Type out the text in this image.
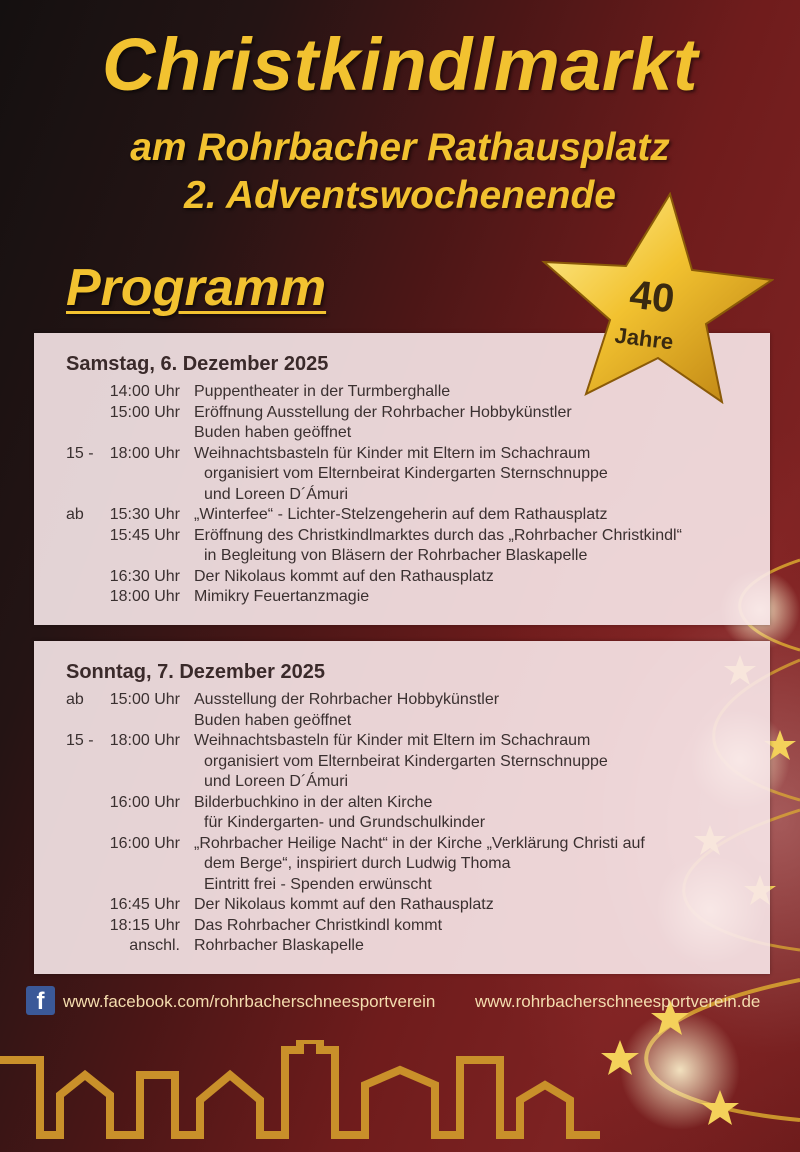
Christkindlmarkt
am Rohrbacher Rathausplatz
2. Adventswochenende
Programm
Samstag, 6. Dezember 2025
14:00 Uhr Puppentheater in der Turmberghalle
15:00 Uhr Eröffnung Ausstellung der Rohrbacher Hobbykünstler
Buden haben geöffnet
15 - 18:00 Uhr Weihnachtsbasteln für Kinder mit Eltern im Schachraum
organisiert vom Elternbeirat Kindergarten Sternschnuppe
und Loreen D´Ámuri
ab 15:30 Uhr „Winterfee“ - Lichter-Stelzengeherin auf dem Rathausplatz
15:45 Uhr Eröffnung des Christkindlmarktes durch das „Rohrbacher Christkindl“
in Begleitung von Bläsern der Rohrbacher Blaskapelle
16:30 Uhr Der Nikolaus kommt auf den Rathausplatz
18:00 Uhr Mimikry Feuertanzmagie
Sonntag, 7. Dezember 2025
ab 15:00 Uhr Ausstellung der Rohrbacher Hobbykünstler
Buden haben geöffnet
15 - 18:00 Uhr Weihnachtsbasteln für Kinder mit Eltern im Schachraum
organisiert vom Elternbeirat Kindergarten Sternschnuppe
und Loreen D´Ámuri
16:00 Uhr Bilderbuchkino in der alten Kirche
für Kindergarten- und Grundschulkinder
16:00 Uhr „Rohrbacher Heilige Nacht“ in der Kirche „Verklärung Christi auf
dem Berge“, inspiriert durch Ludwig Thoma
Eintritt frei - Spenden erwünscht
16:45 Uhr Der Nikolaus kommt auf den Rathausplatz
18:15 Uhr Das Rohrbacher Christkindl kommt
anschl. Rohrbacher Blaskapelle
40
Jahre
f	www.facebook.com/rohrbacherschneesportverein www.rohrbacherschneesportverein.de
